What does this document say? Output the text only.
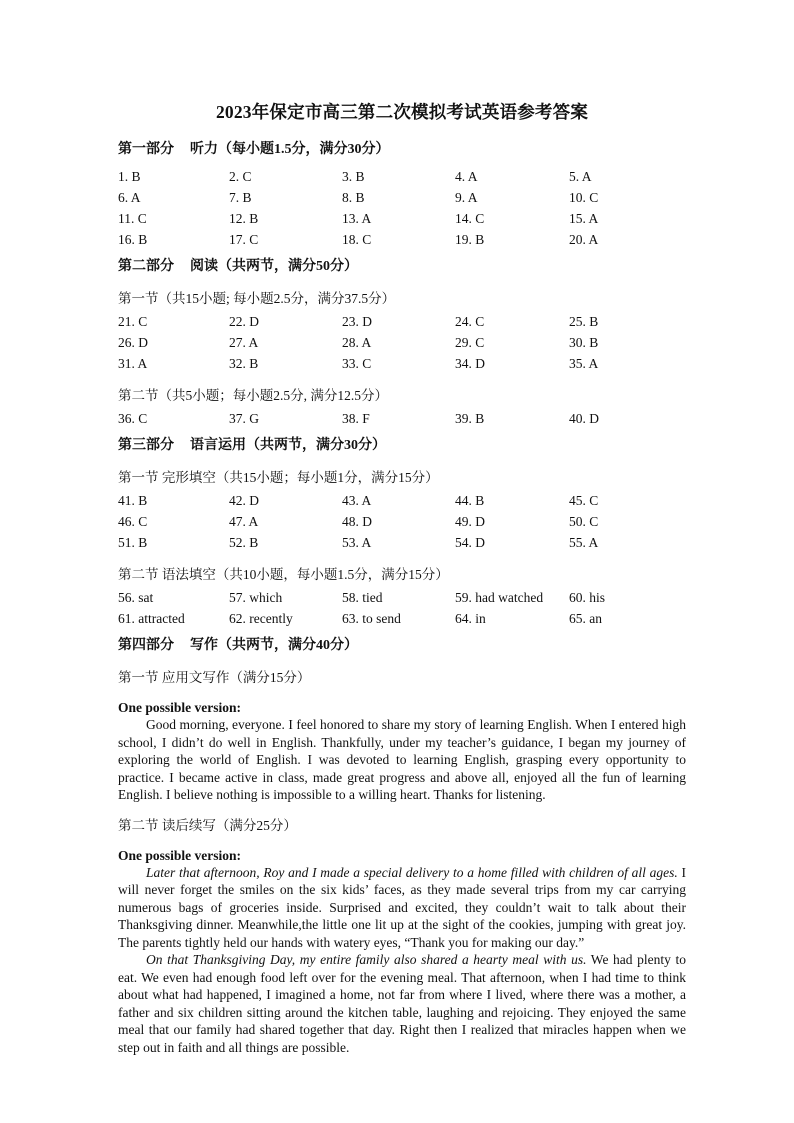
2023年保定市高三第二次模拟考试英语参考答案
第一部分 听力（每小题1.5分，满分30分）
1. B	2. C	3. B	4. A	5. A
6. A	7. B	8. B	9. A	10. C
11. C	12. B	13. A	14. C	15. A
16. B	17. C	18. C	19. B	20. A
第二部分 阅读（共两节，满分50分）
第一节（共15小题; 每小题2.5分，满分37.5分）
21. C	22. D	23. D	24. C	25. B
26. D	27. A	28. A	29. C	30. B
31. A	32. B	33. C	34. D	35. A
第二节（共5小题；每小题2.5分, 满分12.5分）
36. C	37. G	38. F	39. B	40. D
第三部分 语言运用（共两节，满分30分）
第一节 完形填空（共15小题；每小题1分，满分15分）
41. B	42. D	43. A	44. B	45. C
46. C	47. A	48. D	49. D	50. C
51. B	52. B	53. A	54. D	55. A
第二节 语法填空（共10小题，每小题1.5分，满分15分）
56. sat	57. which	58. tied	59. had watched	60. his
61. attracted	62. recently	63. to send	64. in	65. an
第四部分 写作（共两节，满分40分）
第一节 应用文写作（满分15分）
One possible version:

Good morning, everyone. I feel honored to share my story of learning English. When I entered high school, I didn’t do well in English. Thankfully, under my teacher’s guidance, I began my journey of exploring the world of English. I was devoted to learning English, grasping every opportunity to practice. I became active in class, made great progress and above all, enjoyed all the fun of learning English. I believe nothing is impossible to a willing heart. Thanks for listening.

第二节 读后续写（满分25分）
One possible version:

Later that afternoon, Roy and I made a special delivery to a home filled with children of all ages. I will never forget the smiles on the six kids’ faces, as they made several trips from my car carrying numerous bags of groceries inside. Surprised and excited, they couldn’t wait to talk about their Thanksgiving dinner. Meanwhile,the little one lit up at the sight of the cookies, jumping with great joy. The parents tightly held our hands with watery eyes, “Thank you for making our day.”

On that Thanksgiving Day, my entire family also shared a hearty meal with us. We had plenty to eat. We even had enough food left over for the evening meal. That afternoon, when I had time to think about what had happened, I imagined a home, not far from where I lived, where there was a mother, a father and six children sitting around the kitchen table, laughing and rejoicing. They enjoyed the same meal that our family had shared together that day. Right then I realized that miracles happen when we step out in faith and all things are possible.
